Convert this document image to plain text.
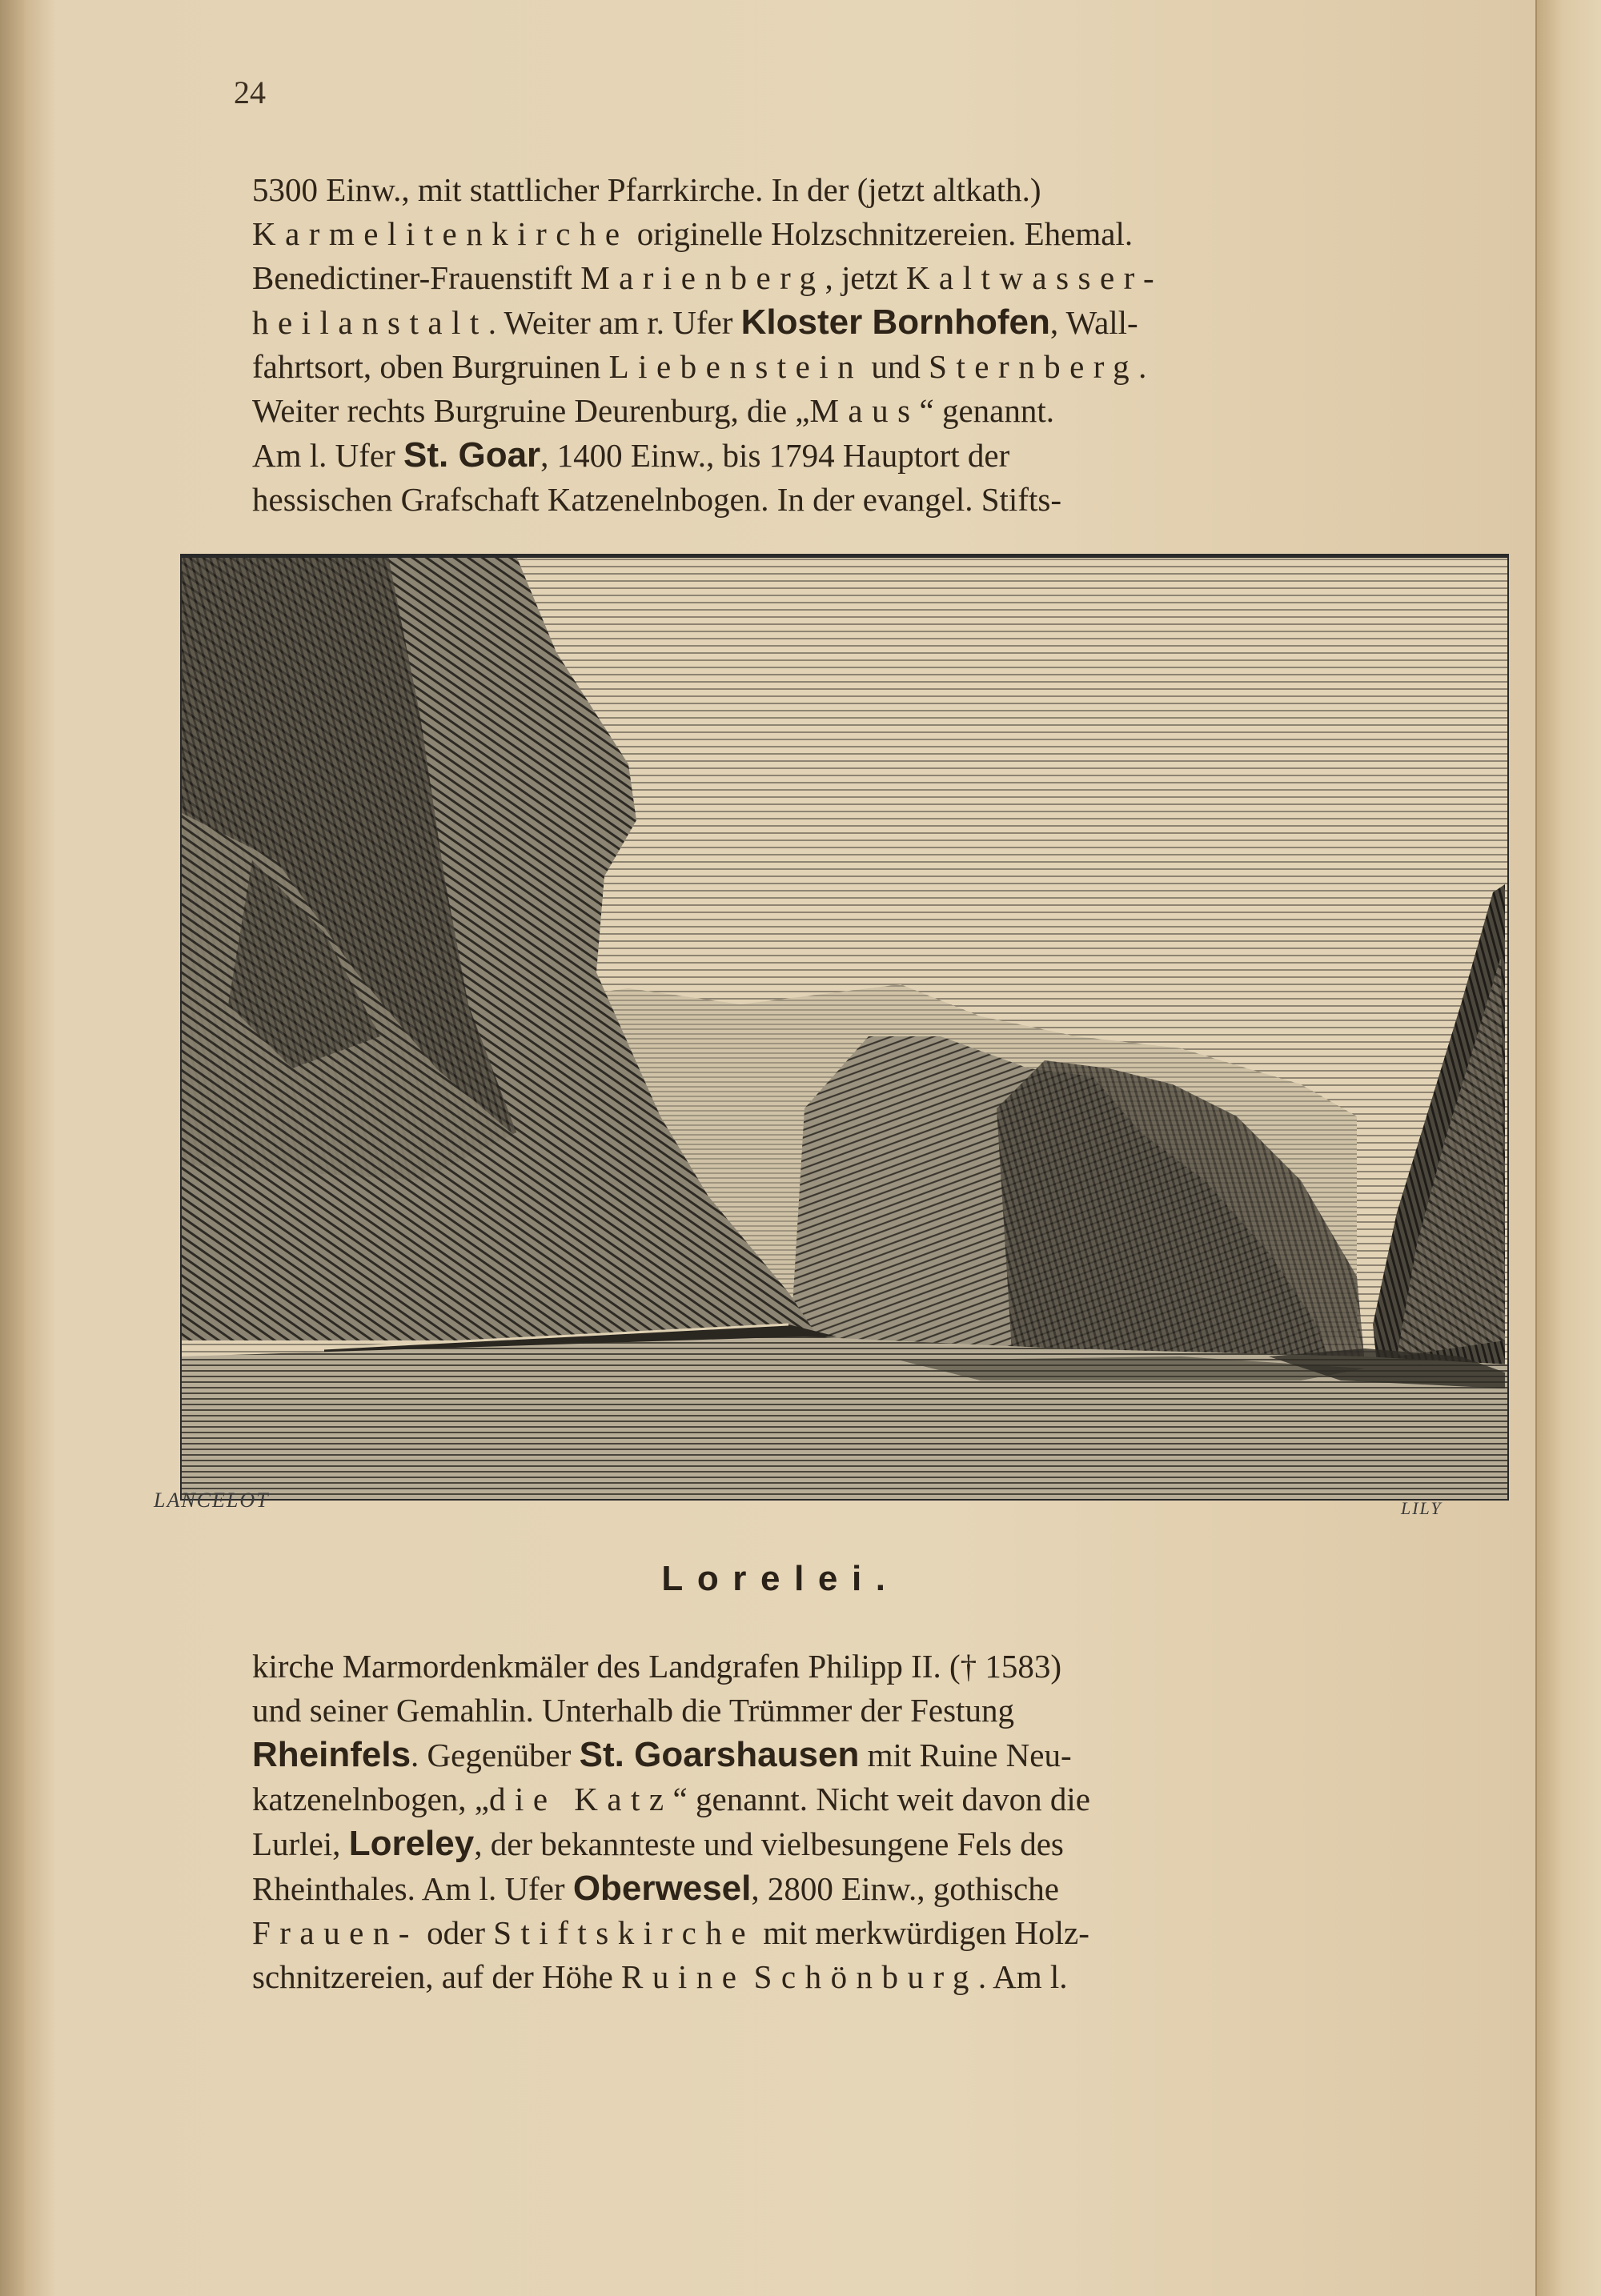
24

5300 Einw., mit stattlicher Pfarrkirche. In der (jetzt altkath.)

Karmelitenkirche originelle Holzschnitzereien. Ehemal.

Benedictiner-Frauenstift Marienberg, jetzt Kaltwasser-

heilanstalt. Weiter am r. Ufer Kloster Bornhofen, Wall-

fahrtsort, oben Burgruinen Liebenstein und Sternberg.

Weiter rechts Burgruine Deurenburg, die „Maus“ genannt.

Am l. Ufer St. Goar, 1400 Einw., bis 1794 Hauptort der

hessischen Grafschaft Katzenelnbogen. In der evangel. Stifts-

LANCELOT	LILY
Lorelei.

kirche Marmordenkmäler des Landgrafen Philipp II. († 1583)

und seiner Gemahlin. Unterhalb die Trümmer der Festung

Rheinfels. Gegenüber St. Goarshausen mit Ruine Neu-

katzenelnbogen, „die Katz“ genannt. Nicht weit davon die

Lurlei, Loreley, der bekannteste und vielbesungene Fels des

Rheinthales. Am l. Ufer Oberwesel, 2800 Einw., gothische

Frauen- oder Stiftskirche mit merkwürdigen Holz-

schnitzereien, auf der Höhe Ruine Schönburg. Am l.
